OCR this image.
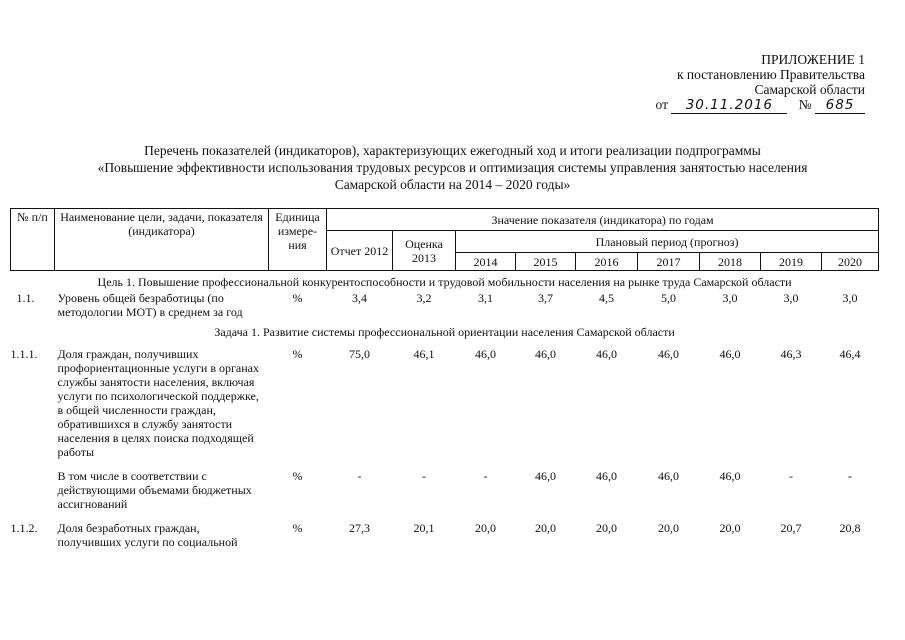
ПРИЛОЖЕНИЕ 1
к постановлению Правительства
Самарской области
от 30.11.2016 № 685
Перечень показателей (индикаторов), характеризующих ежегодный ход и итоги реализации подпрограммы
«Повышение эффективности использования трудовых ресурсов и оптимизация системы управления занятостью населения
Самарской области на 2014 – 2020 годы»
№ п/п	Наименование цели, задачи, показателя (индикатора)	Единица измере-ния	Значение показателя (индикатора) по годам								
			Отчет 2012	Оценка 2013	Плановый период (прогноз)						
					2014	2015	2016	2017	2018	2019	2020
Цель 1. Повышение профессиональной конкурентоспособности и трудовой мобильности населения на рынке труда Самарской области											
1.1.	Уровень общей безработицы (по методологии МОТ) в среднем за год	%	3,4	3,2	3,1	3,7	4,5	5,0	3,0	3,0	3,0
Задача 1. Развитие системы профессиональной ориентации населения Самарской области											
1.1.1.	Доля граждан, получивших профориентационные услуги в органах службы занятости населения, включая услуги по психологической поддержке, в общей численности граждан, обратившихся в службу занятости населения в целях поиска подходящей работы	%	75,0	46,1	46,0	46,0	46,0	46,0	46,0	46,3	46,4

	В том числе в соответствии с действующими объемами бюджетных ассигнований	%	-	-	-	46,0	46,0	46,0	46,0	-	-

1.1.2.	Доля безработных граждан, получивших услуги по социальной	%	27,3	20,1	20,0	20,0	20,0	20,0	20,0	20,7	20,8
